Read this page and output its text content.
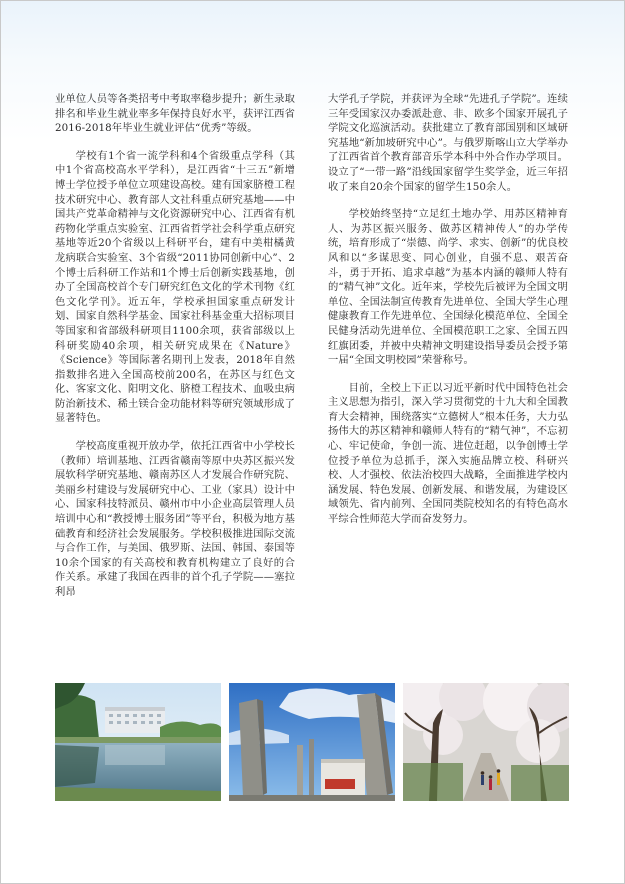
业单位人员等各类招考中考取率稳步提升；新生录取排名和毕业生就业率多年保持良好水平，获评江西省2016-2018年毕业生就业评估“优秀”等级。

学校有1个省一流学科和4个省级重点学科（其中1个省高校高水平学科），是江西省“十三五”新增博士学位授予单位立项建设高校。建有国家脐橙工程技术研究中心、教育部人文社科重点研究基地——中国共产党革命精神与文化资源研究中心、江西省有机药物化学重点实验室、江西省哲学社会科学重点研究基地等近20个省级以上科研平台，建有中美柑橘黄龙病联合实验室、3个省级“2011协同创新中心”、2个博士后科研工作站和1个博士后创新实践基地，创办了全国高校首个专门研究红色文化的学术刊物《红色文化学刊》。近五年，学校承担国家重点研发计划、国家自然科学基金、国家社科基金重大招标项目等国家和省部级科研项目1100余项，获省部级以上科研奖励40余项，相关研究成果在《Nature》《Science》等国际著名期刊上发表，2018年自然指数排名进入全国高校前200名，在苏区与红色文化、客家文化、阳明文化、脐橙工程技术、血吸虫病防治新技术、稀土镁合金功能材料等研究领域形成了显著特色。

学校高度重视开放办学，依托江西省中小学校长（教师）培训基地、江西省赣南等原中央苏区振兴发展软科学研究基地、赣南苏区人才发展合作研究院、美丽乡村建设与发展研究中心、工业（家具）设计中心、国家科技特派员、赣州市中小企业高层管理人员培训中心和“教授博士服务团”等平台，积极为地方基础教育和经济社会发展服务。学校积极推进国际交流与合作工作，与美国、俄罗斯、法国、韩国、泰国等10余个国家的有关高校和教育机构建立了良好的合作关系。承建了我国在西非的首个孔子学院——塞拉利昂

大学孔子学院，并获评为全球“先进孔子学院”。连续三年受国家汉办委派赴意、非、欧多个国家开展孔子学院文化巡演活动。获批建立了教育部国别和区域研究基地“新加坡研究中心”。与俄罗斯喀山立大学举办了江西省首个教育部音乐学本科中外合作办学项目。设立了“一带一路”沿线国家留学生奖学金，近三年招收了来自20余个国家的留学生150余人。

学校始终坚持“立足红土地办学、用苏区精神育人、为苏区振兴服务、做苏区精神传人”的办学传统，培育形成了“崇德、尚学、求实、创新”的优良校风和以“多谋思变、同心创业，自强不息、艰苦奋斗，勇于开拓、追求卓越”为基本内涵的赣师人特有的“精气神”文化。近年来，学校先后被评为全国文明单位、全国法制宣传教育先进单位、全国大学生心理健康教育工作先进单位、全国绿化模范单位、全国全民健身活动先进单位、全国模范职工之家、全国五四红旗团委，并被中央精神文明建设指导委员会授予第一届“全国文明校园”荣誉称号。

目前，全校上下正以习近平新时代中国特色社会主义思想为指引，深入学习贯彻党的十九大和全国教育大会精神，围绕落实“立德树人”根本任务，大力弘扬伟大的苏区精神和赣师人特有的“精气神”，不忘初心、牢记使命，争创一流、进位赶超，以争创博士学位授予单位为总抓手，深入实施品牌立校、科研兴校、人才强校、依法治校四大战略，全面推进学校内涵发展、特色发展、创新发展、和谐发展，为建设区域领先、省内前列、全国同类院校知名的有特色高水平综合性师范大学而奋发努力。
